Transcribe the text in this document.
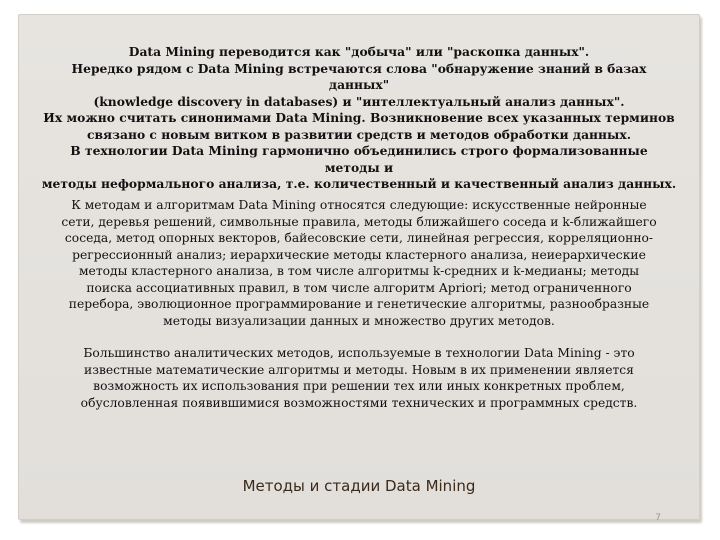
Data Mining переводится как "добыча" или "раскопка данных".
Нередко рядом с Data Mining встречаются слова "обнаружение знаний в базах данных"
(knowledge discovery in databases) и "интеллектуальный анализ данных".
Их можно считать синонимами Data Mining. Возникновение всех указанных терминов
связано с новым витком в развитии средств и методов обработки данных.
В технологии Data Mining гармонично объединились строго формализованные методы и
методы неформального анализа, т.е. количественный и качественный анализ данных.
К методам и алгоритмам Data Mining относятся следующие: искусственные нейронные
сети, деревья решений, символьные правила, методы ближайшего соседа и k-ближайшего
соседа, метод опорных векторов, байесовские сети, линейная регрессия, корреляционно-
регрессионный анализ; иерархические методы кластерного анализа, неиерархические
методы кластерного анализа, в том числе алгоритмы k-средних и k-медианы; методы
поиска ассоциативных правил, в том числе алгоритм Apriori; метод ограниченного
перебора, эволюционное программирование и генетические алгоритмы, разнообразные
методы визуализации данных и множество других методов.
Большинство аналитических методов, используемые в технологии Data Mining - это
известные математические алгоритмы и методы. Новым в их применении является
возможность их использования при решении тех или иных конкретных проблем,
обусловленная появившимися возможностями технических и программных средств.
Методы и стадии Data Mining
7
